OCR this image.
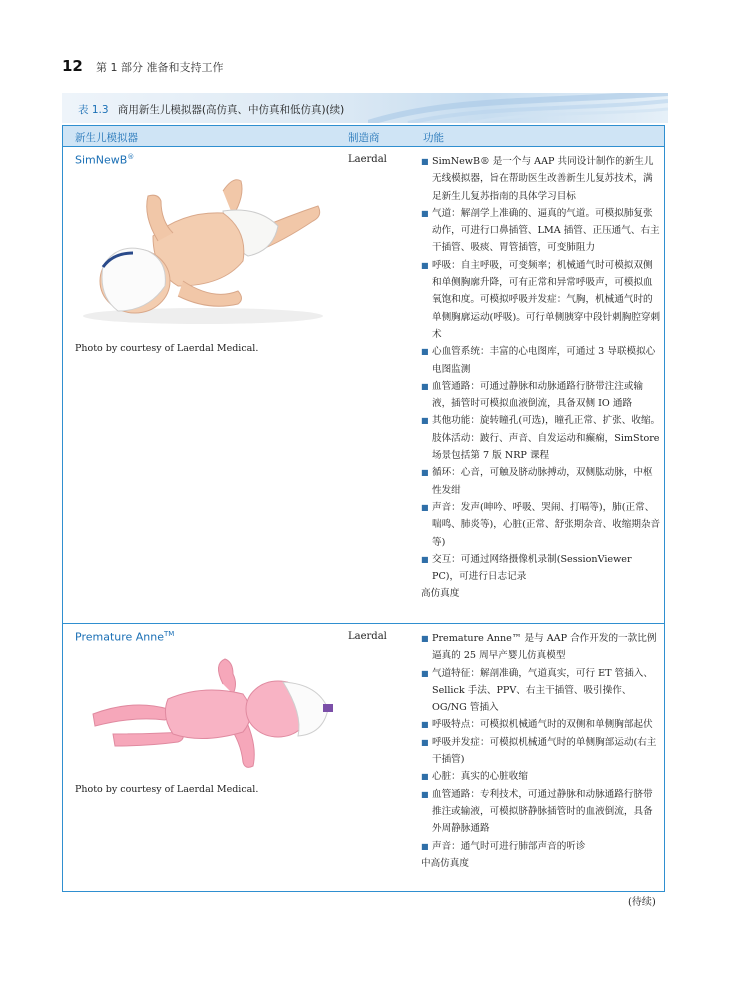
12 第 1 部分 准备和支持工作
表 1.3 商用新生儿模拟器(高仿真、中仿真和低仿真)(续)
新生儿模拟器	制造商	功能
SimNewB®
Photo by courtesy of Laerdal Medical.
Laerdal	■ SimNewB® 是一个与 AAP 共同设计制作的新生儿无线模拟器，旨在帮助医生改善新生儿复苏技术，满足新生儿复苏指南的具体学习目标
■ 气道：解剖学上准确的、逼真的气道。可模拟肺复张动作，可进行口鼻插管、LMA 插管、正压通气、右主干插管、吸痰、胃管插管，可变肺阻力
■ 呼吸：自主呼吸，可变频率；机械通气时可模拟双侧和单侧胸廓升降，可有正常和异常呼吸声，可模拟血氧饱和度。可模拟呼吸并发症：气胸，机械通气时的单侧胸廓运动(呼吸)。可行单侧胰穿中段针刺胸腔穿刺术
■ 心血管系统：丰富的心电图库，可通过 3 导联模拟心电图监测
■ 血管通路：可通过静脉和动脉通路行脐带注注或输液，插管时可模拟血液倒流，具备双侧 IO 通路
■ 其他功能：旋转瞳孔(可选)，瞳孔正常、扩张、收缩。肢体活动：跛行、声音、自发运动和癫痫，SimStore 场景包括第 7 版 NRP 课程
■ 循环：心音，可触及脐动脉搏动，双侧肱动脉，中枢性发绀
■ 声音：发声(呻吟、呼吸、哭闹、打嗝等)，肺(正常、喘鸣、肺炎等)，心脏(正常、舒张期杂音、收缩期杂音等)
■ 交互：可通过网络摄像机录制(SessionViewer PC)，可进行日志记录
高仿真度
Premature Anne™
Photo by courtesy of Laerdal Medical.
Laerdal	■ Premature Anne™ 是与 AAP 合作开发的一款比例逼真的 25 周早产婴儿仿真模型
■ 气道特征：解剖准确，气道真实，可行 ET 管插入、Sellick 手法、PPV、右主干插管、吸引操作、OG/NG 管插入
■ 呼吸特点：可模拟机械通气时的双侧和单侧胸部起伏
■ 呼吸并发症：可模拟机械通气时的单侧胸部运动(右主干插管)
■ 心脏：真实的心脏收缩
■ 血管通路：专利技术，可通过静脉和动脉通路行脐带推注或输液，可模拟脐静脉插管时的血液倒流，具备外周静脉通路
■ 声音：通气时可进行肺部声音的听诊
中高仿真度
(待续)
